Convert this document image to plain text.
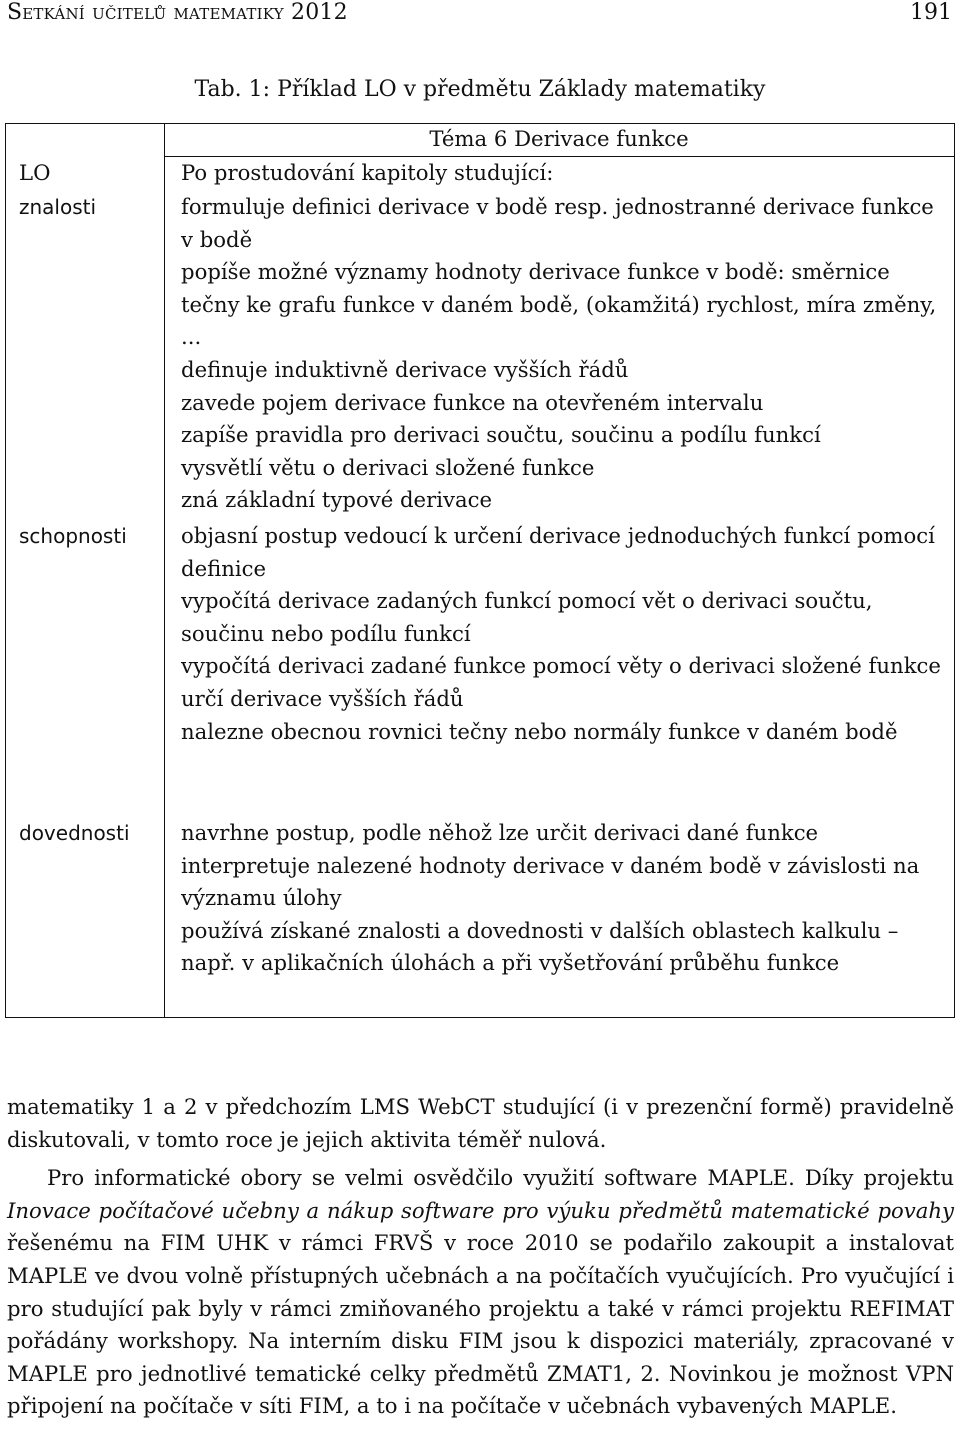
Setkání učitelů matematiky 2012	191
Tab. 1: Příklad LO v předmětu Základy matematiky
Téma 6 Derivace funkce
LO	Po prostudování kapitoly studující:
znalosti	formuluje definici derivace v bodě resp. jednostranné derivace funkce v bodě
popíše možné významy hodnoty derivace funkce v bodě: směrnice tečny ke grafu funkce v daném bodě, (okamžitá) rychlost, míra změny, ...
definuje induktivně derivace vyšších řádů
zavede pojem derivace funkce na otevřeném intervalu
zapíše pravidla pro derivaci součtu, součinu a podílu funkcí
vysvětlí větu o derivaci složené funkce
zná základní typové derivace
schopnosti	objasní postup vedoucí k určení derivace jednoduchých funkcí pomocí definice
vypočítá derivace zadaných funkcí pomocí vět o derivaci součtu, součinu nebo podílu funkcí
vypočítá derivaci zadané funkce pomocí věty o derivaci složené funkce
určí derivace vyšších řádů
nalezne obecnou rovnici tečny nebo normály funkce v daném bodě
dovednosti	navrhne postup, podle něhož lze určit derivaci dané funkce
interpretuje nalezené hodnoty derivace v daném bodě v závislosti na významu úlohy
používá získané znalosti a dovednosti v dalších oblastech kalkulu – např. v aplikačních úlohách a při vyšetřování průběhu funkce

matematiky 1 a 2 v předchozím LMS WebCT studující (i v prezenční formě) pravidelně diskutovali, v tomto roce je jejich aktivita téměř nulová.

Pro informatické obory se velmi osvědčilo využití software MAPLE. Díky projektu Inovace počítačové učebny a nákup software pro výuku předmětů matematické povahy řešenému na FIM UHK v rámci FRVŠ v roce 2010 se podařilo zakoupit a instalovat MAPLE ve dvou volně přístupných učebnách a na počítačích vyučujících. Pro vyučující i pro studující pak byly v rámci zmiňovaného projektu a také v rámci projektu REFIMAT pořádány workshopy. Na interním disku FIM jsou k dispozici materiály, zpracované v MAPLE pro jednotlivé tematické celky předmětů ZMAT1, 2. Novinkou je možnost VPN připojení na počítače v síti FIM, a to i na počítače v učebnách vybavených MAPLE.
